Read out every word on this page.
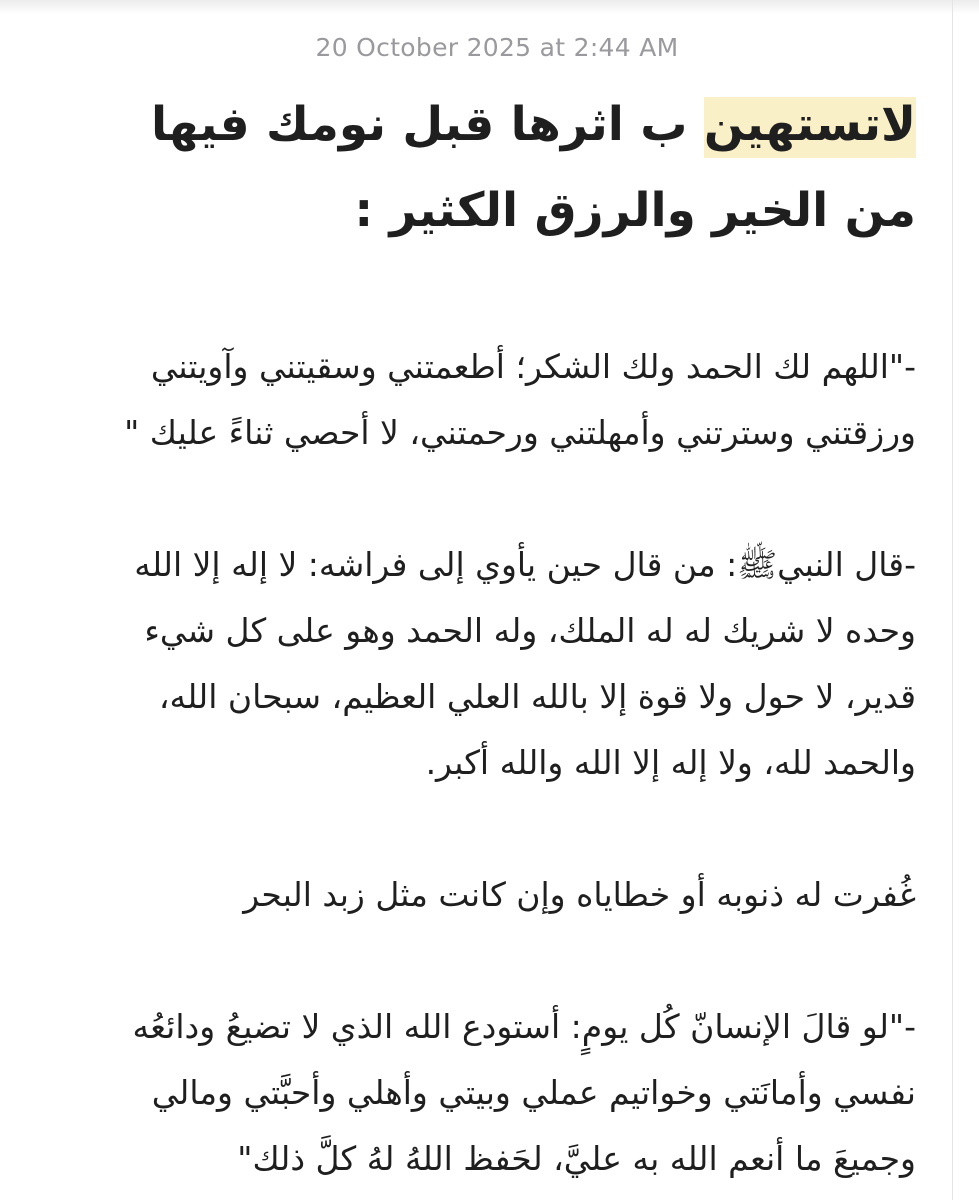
20 October 2025 at 2:44 AM
لاتستهين ب اثرها قبل نومك فيها من الخير والرزق الكثير :

-"اللهم لك الحمد ولك الشكر؛ أطعمتني وسقيتني وآويتني ورزقتني وسترتني وأمهلتني ورحمتني، لا أحصي ثناءً عليك "

-قال النبيﷺ: من قال حين يأوي إلى فراشه: لا إله إلا الله وحده لا شريك له له الملك، وله الحمد وهو على كل شيء قدير، لا حول ولا قوة إلا بالله العلي العظيم، سبحان الله، والحمد لله، ولا إله إلا الله والله أكبر.

غُفرت له ذنوبه أو خطاياه وإن كانت مثل زبد البحر

-"لو قالَ الإنسانّ كُل يومٍ: أستودع الله الذي لا تضيعُ ودائعُه نفسي وأمانَتي وخواتيم عملي وبيتي وأهلي وأحبَّتي ومالي وجميعَ ما أنعم الله به عليَّ، لحَفظ اللهُ لهُ كلَّ ذلك"
